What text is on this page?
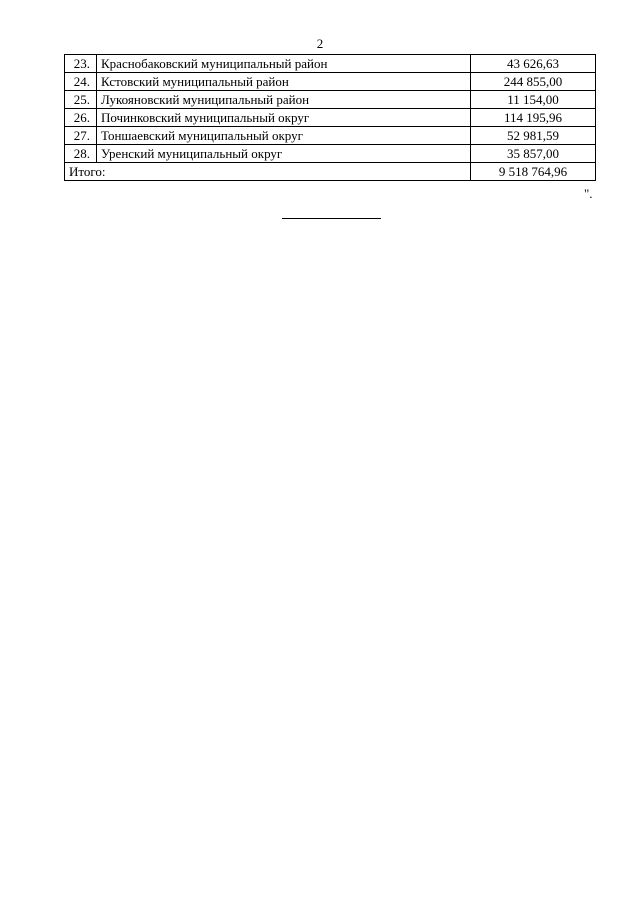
2
23.	Краснобаковский муниципальный район	43 626,63
24.	Кстовский муниципальный район	244 855,00
25.	Лукояновский муниципальный район	11 154,00
26.	Починковский муниципальный округ	114 195,96
27.	Тоншаевский муниципальный округ	52 981,59
28.	Уренский муниципальный округ	35 857,00
Итого:		9 518 764,96
".
